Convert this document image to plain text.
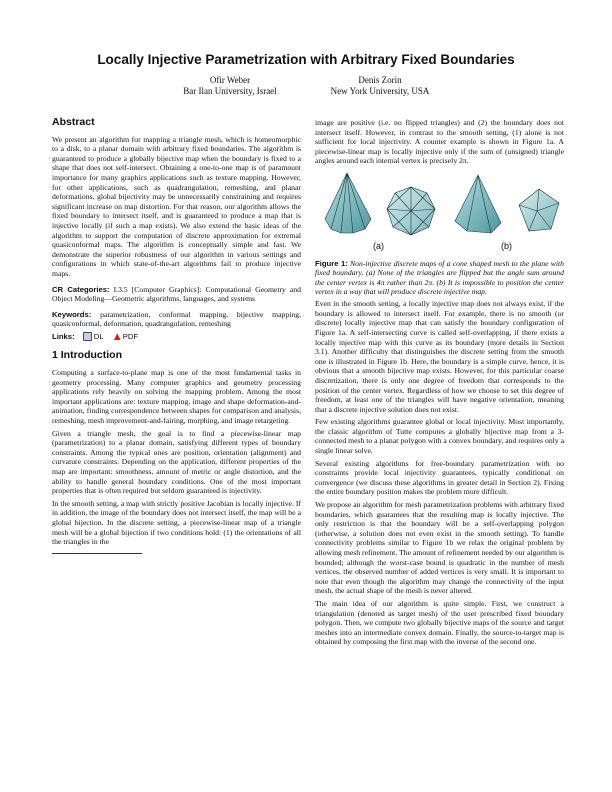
Locally Injective Parametrization with Arbitrary Fixed Boundaries
Ofir Weber
Bar Ilan University, Israel
Denis Zorin
New York University, USA
Abstract

We present an algorithm for mapping a triangle mesh, which is homeomorphic to a disk, to a planar domain with arbitrary fixed boundaries. The algorithm is guaranteed to produce a globally bijective map when the boundary is fixed to a shape that does not self-intersect. Obtaining a one-to-one map is of paramount importance for many graphics applications such as texture mapping. However, for other applications, such as quadrangulation, remeshing, and planar deformations, global bijectivity may be unnecessarily constraining and requires significant increase on map distortion. For that reason, our algorithm allows the fixed boundary to intersect itself, and is guaranteed to produce a map that is injective locally (if such a map exists). We also extend the basic ideas of the algorithm to support the computation of discrete approximation for extremal quasiconformal maps. The algorithm is conceptually simple and fast. We demonstrate the superior robustness of our algorithm in various settings and configurations in which state-of-the-art algorithms fail to produce injective maps.

CR Categories: I.3.5 [Computer Graphics]: Computational Geometry and Object Modeling—Geometric algorithms, languages, and systems

Keywords: parametrization, conformal mapping, bijective mapping, quasiconformal, deformation, quadrangulation, remeshing

Links: DL PDF
1 Introduction

Computing a surface-to-plane map is one of the most fundamental tasks in geometry processing. Many computer graphics and geometry processing applications rely heavily on solving the mapping problem. Among the most important applications are: texture mapping, image and shape deformation-and-animation, finding correspondence between shapes for comparison and analysis, remeshing, mesh improvement-and-fairing, morphing, and image retargeting.

Given a triangle mesh, the goal is to find a piecewise-linear map (parametrization) to a planar domain, satisfying different types of boundary constraints. Among the typical ones are position, orientation (alignment) and curvature constraints. Depending on the application, different properties of the map are important: smoothness, amount of metric or angle distortion, and the ability to handle general boundary conditions. One of the most important properties that is often required but seldom guaranteed is injectivity.

In the smooth setting, a map with strictly positive Jacobian is locally injective. If in addition, the image of the boundary does not intersect itself, the map will be a global bijection. In the discrete setting, a piecewise-linear map of a triangle mesh will be a global bijection if two conditions hold: (1) the orientations of all the triangles in the

image are positive (i.e. no flipped triangles) and (2) the boundary does not intersect itself. However, in contrast to the smooth setting, (1) alone is not sufficient for local injectivity. A counter example is shown in Figure 1a. A piecewise-linear map is locally injective only if the sum of (unsigned) triangle angles around each internal vertex is precisely 2π.

(a)	(b)

Figure 1: Non-injective discrete maps of a cone shaped mesh to the plane with fixed boundary. (a) None of the triangles are flipped but the angle sum around the center vertex is 4π rather than 2π. (b) It is impossible to position the center vertex in a way that will produce discrete injective map.

Even in the smooth setting, a locally injective map does not always exist, if the boundary is allowed to intersect itself. For example, there is no smooth (or discrete) locally injective map that can satisfy the boundary configuration of Figure 1a. A self-intersecting curve is called self-overlapping, if there exists a locally injective map with this curve as its boundary (more details in Section 3.1). Another difficulty that distinguishes the discrete setting from the smooth one is illustrated in Figure 1b. Here, the boundary is a simple curve, hence, it is obvious that a smooth bijective map exists. However, for this particular coarse discretization, there is only one degree of freedom that corresponds to the position of the center vertex. Regardless of how we choose to set this degree of freedom, at least one of the triangles will have negative orientation, meaning that a discrete injective solution does not exist.

Few existing algorithms guarantee global or local injectivity. Most importantly, the classic algorithm of Tutte computes a globally bijective map from a 3-connected mesh to a planar polygon with a convex boundary, and requires only a single linear solve.

Several existing algorithms for free-boundary parametrization with no constraints provide local injectivity guarantees, typically conditional on convergence (we discuss these algorithms in greater detail in Section 2). Fixing the entire boundary position makes the problem more difficult.

We propose an algorithm for mesh parametrization problems with arbitrary fixed boundaries, which guarantees that the resulting map is locally injective. The only restriction is that the boundary will be a self-overlapping polygon (otherwise, a solution does not even exist in the smooth setting). To handle connectivity problems similar to Figure 1b we relax the original problem by allowing mesh refinement. The amount of refinement needed by our algorithm is bounded; although the worst-case bound is quadratic in the number of mesh vertices, the observed number of added vertices is very small. It is important to note that even though the algorithm may change the connectivity of the input mesh, the actual shape of the mesh is never altered.

The main idea of our algorithm is quite simple. First, we construct a triangulation (denoted as target mesh) of the user prescribed fixed boundary polygon. Then, we compute two globally bijective maps of the source and target meshes into an intermediate convex domain. Finally, the source-to-target map is obtained by composing the first map with the inverse of the second one.
